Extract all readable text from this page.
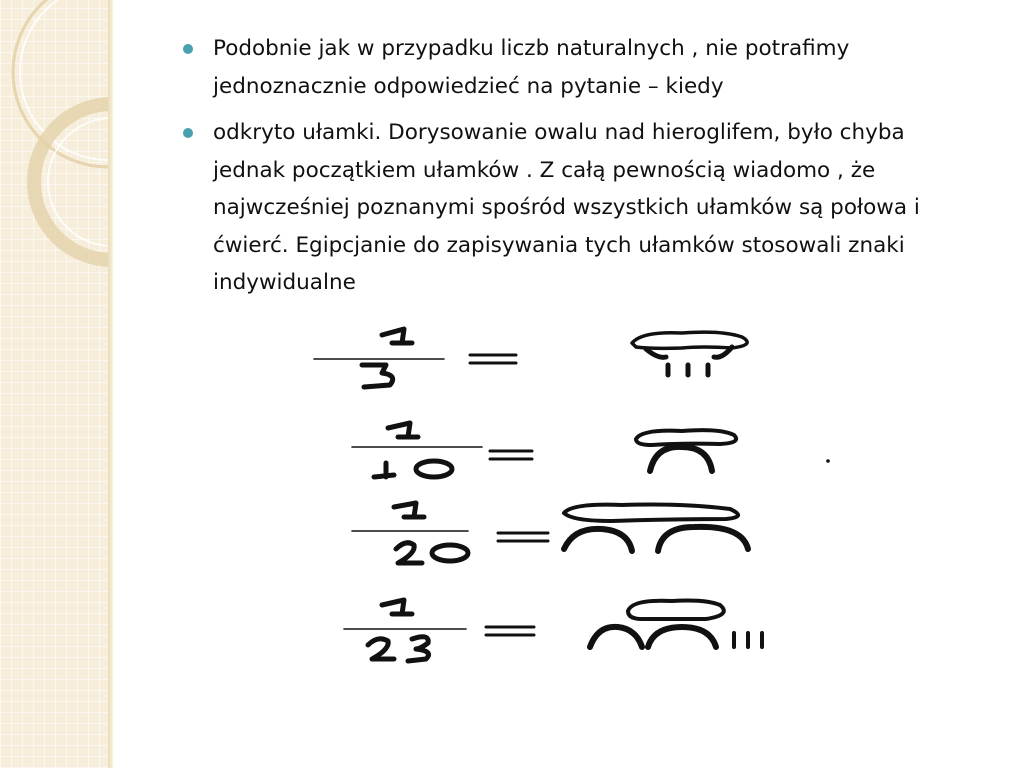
Podobnie jak w przypadku liczb naturalnych , nie potrafimy jednoznacznie odpowiedzieć na pytanie – kiedy
odkryto ułamki. Dorysowanie owalu nad hieroglifem, było chyba jednak początkiem ułamków . Z całą pewnością wiadomo , że najwcześniej poznanymi spośród wszystkich ułamków są połowa i ćwierć. Egipcjanie do zapisywania tych ułamków stosowali znaki indywidualne
